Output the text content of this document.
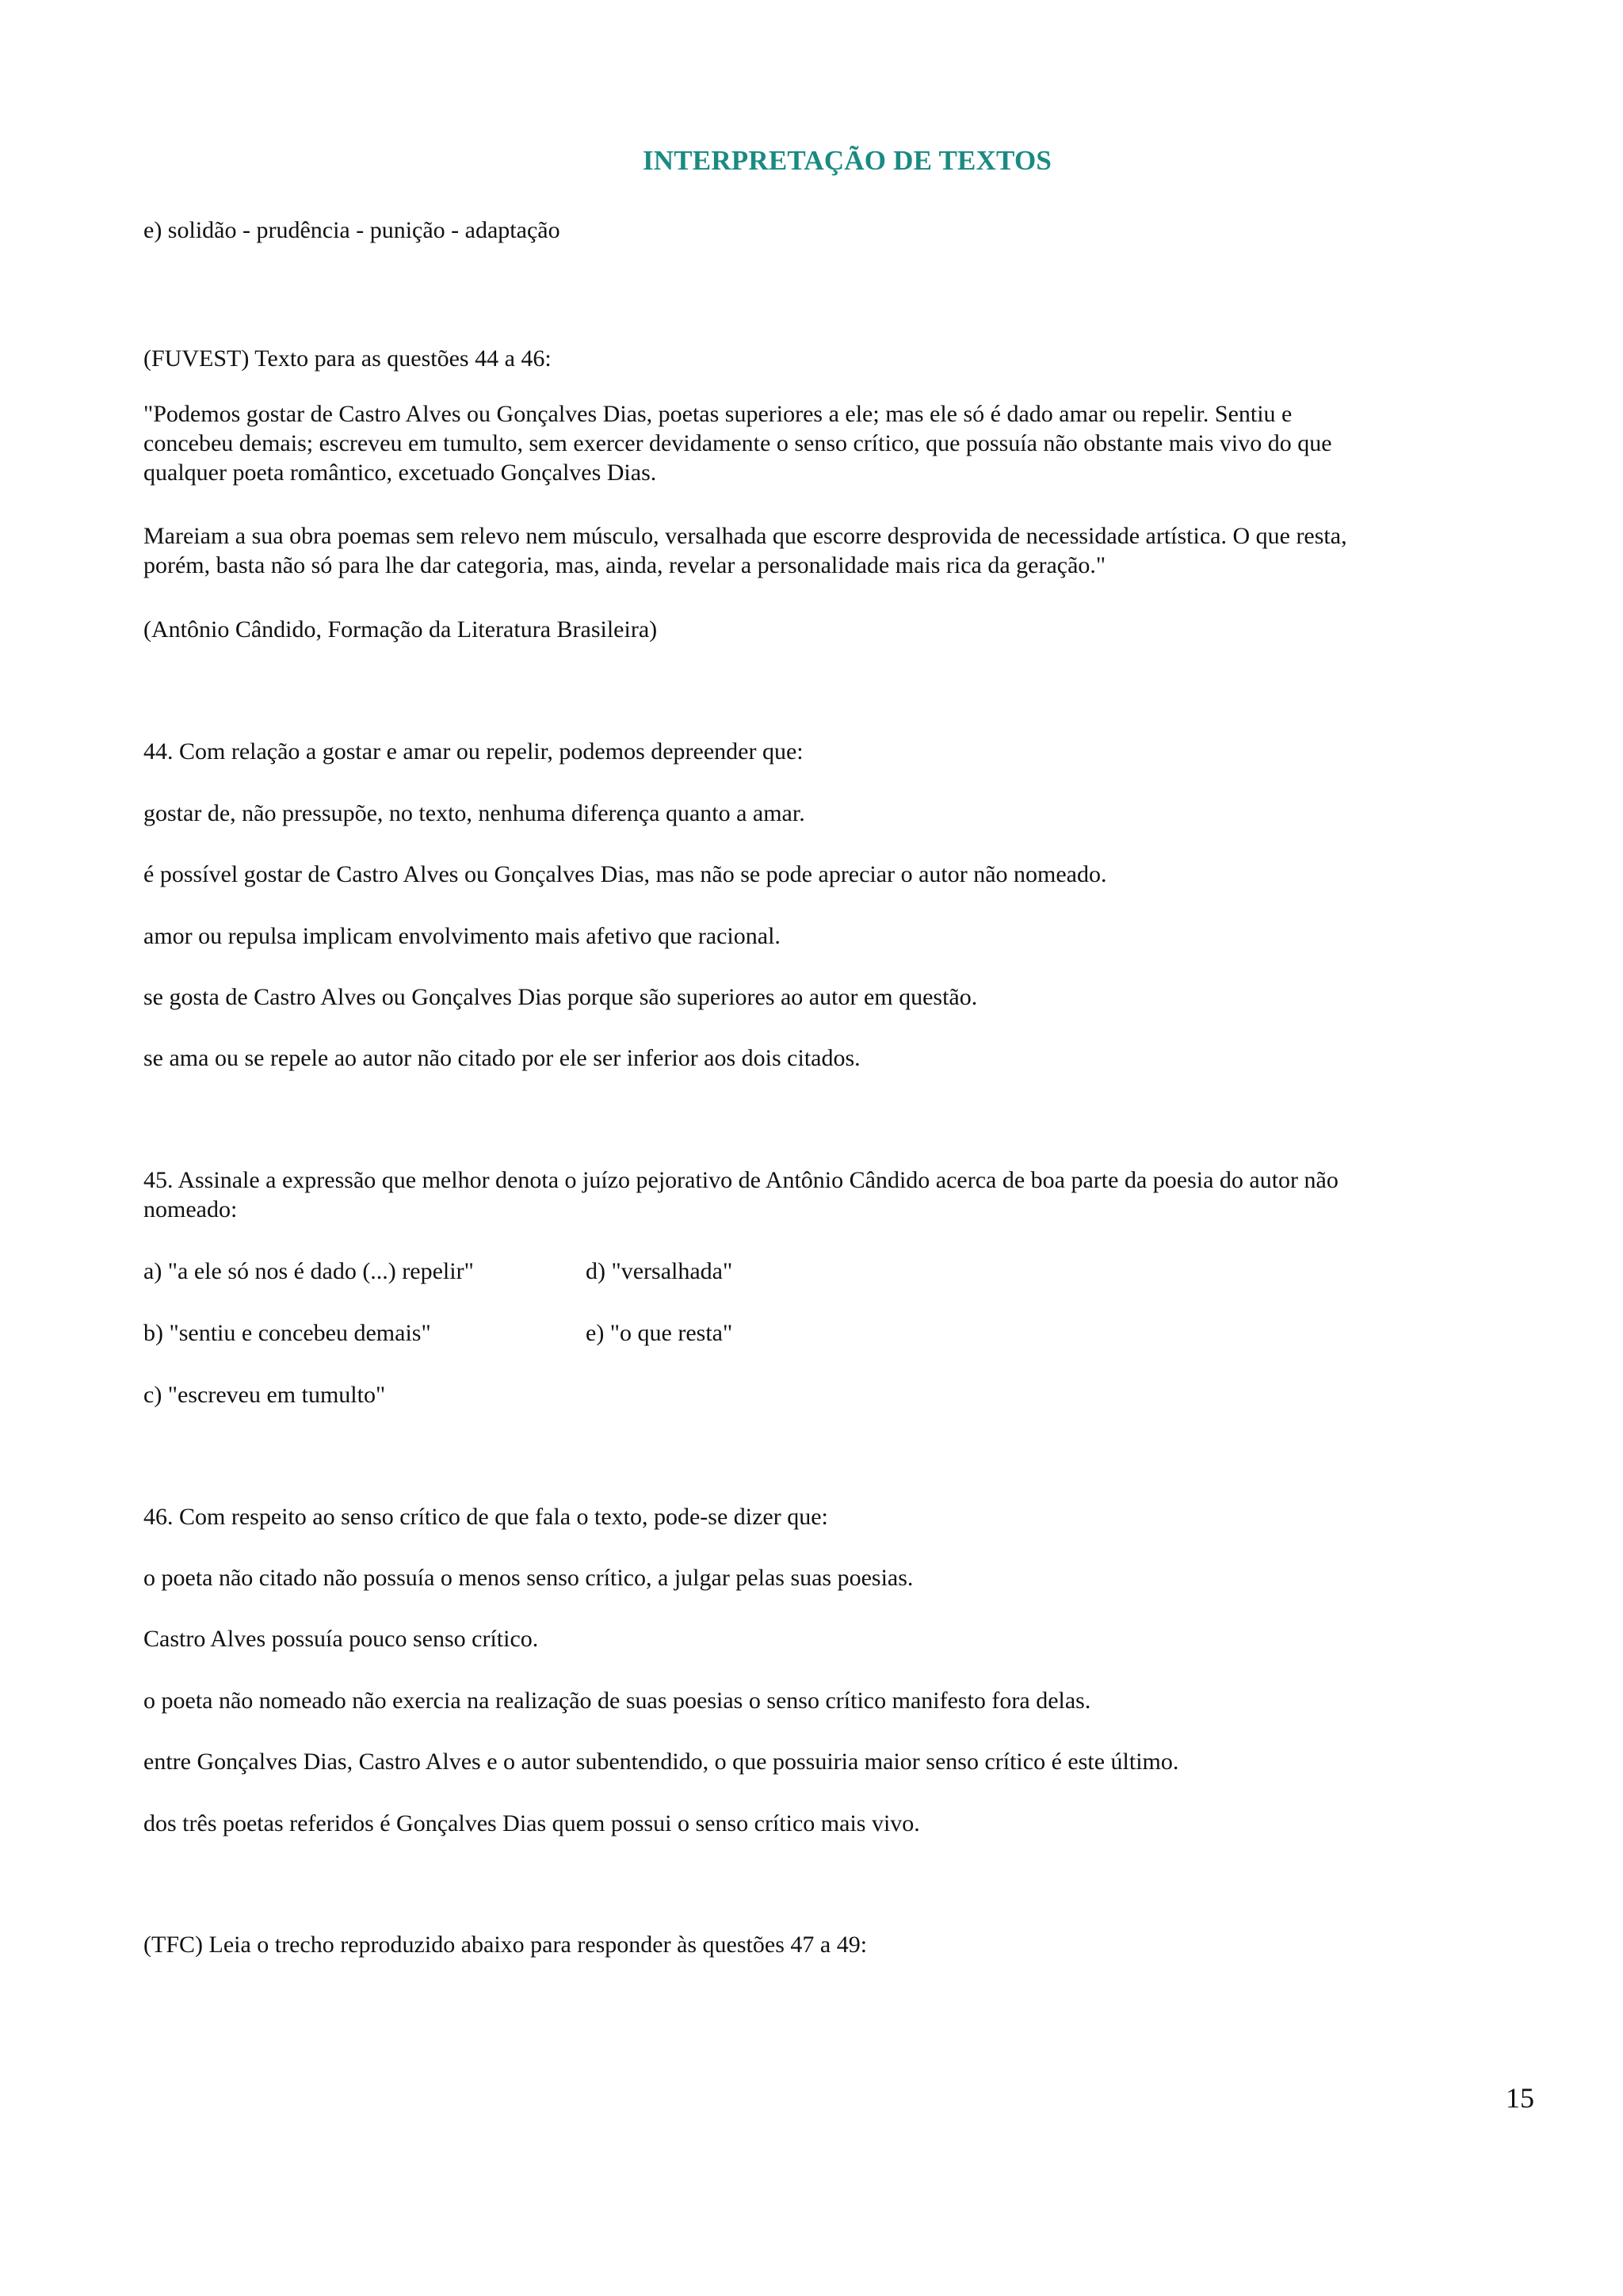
INTERPRETAÇÃO DE TEXTOS
e) solidão - prudência - punição - adaptação
(FUVEST) Texto para as questões 44 a 46:
"Podemos gostar de Castro Alves ou Gonçalves Dias, poetas superiores a ele; mas ele só é dado amar ou repelir. Sentiu e
concebeu demais; escreveu em tumulto, sem exercer devidamente o senso crítico, que possuía não obstante mais vivo do que
qualquer poeta romântico, excetuado Gonçalves Dias.
Mareiam a sua obra poemas sem relevo nem músculo, versalhada que escorre desprovida de necessidade artística. O que resta,
porém, basta não só para lhe dar categoria, mas, ainda, revelar a personalidade mais rica da geração."
(Antônio Cândido, Formação da Literatura Brasileira)
44. Com relação a gostar e amar ou repelir, podemos depreender que:
gostar de, não pressupõe, no texto, nenhuma diferença quanto a amar.
é possível gostar de Castro Alves ou Gonçalves Dias, mas não se pode apreciar o autor não nomeado.
amor ou repulsa implicam envolvimento mais afetivo que racional.
se gosta de Castro Alves ou Gonçalves Dias porque são superiores ao autor em questão.
se ama ou se repele ao autor não citado por ele ser inferior aos dois citados.
45. Assinale a expressão que melhor denota o juízo pejorativo de Antônio Cândido acerca de boa parte da poesia do autor não
nomeado:
a) "a ele só nos é dado (...) repelir"	d) "versalhada"
b) "sentiu e concebeu demais"	e) "o que resta"
c) "escreveu em tumulto"
46. Com respeito ao senso crítico de que fala o texto, pode-se dizer que:
o poeta não citado não possuía o menos senso crítico, a julgar pelas suas poesias.
Castro Alves possuía pouco senso crítico.
o poeta não nomeado não exercia na realização de suas poesias o senso crítico manifesto fora delas.
entre Gonçalves Dias, Castro Alves e o autor subentendido, o que possuiria maior senso crítico é este último.
dos três poetas referidos é Gonçalves Dias quem possui o senso crítico mais vivo.
(TFC) Leia o trecho reproduzido abaixo para responder às questões 47 a 49:
15
